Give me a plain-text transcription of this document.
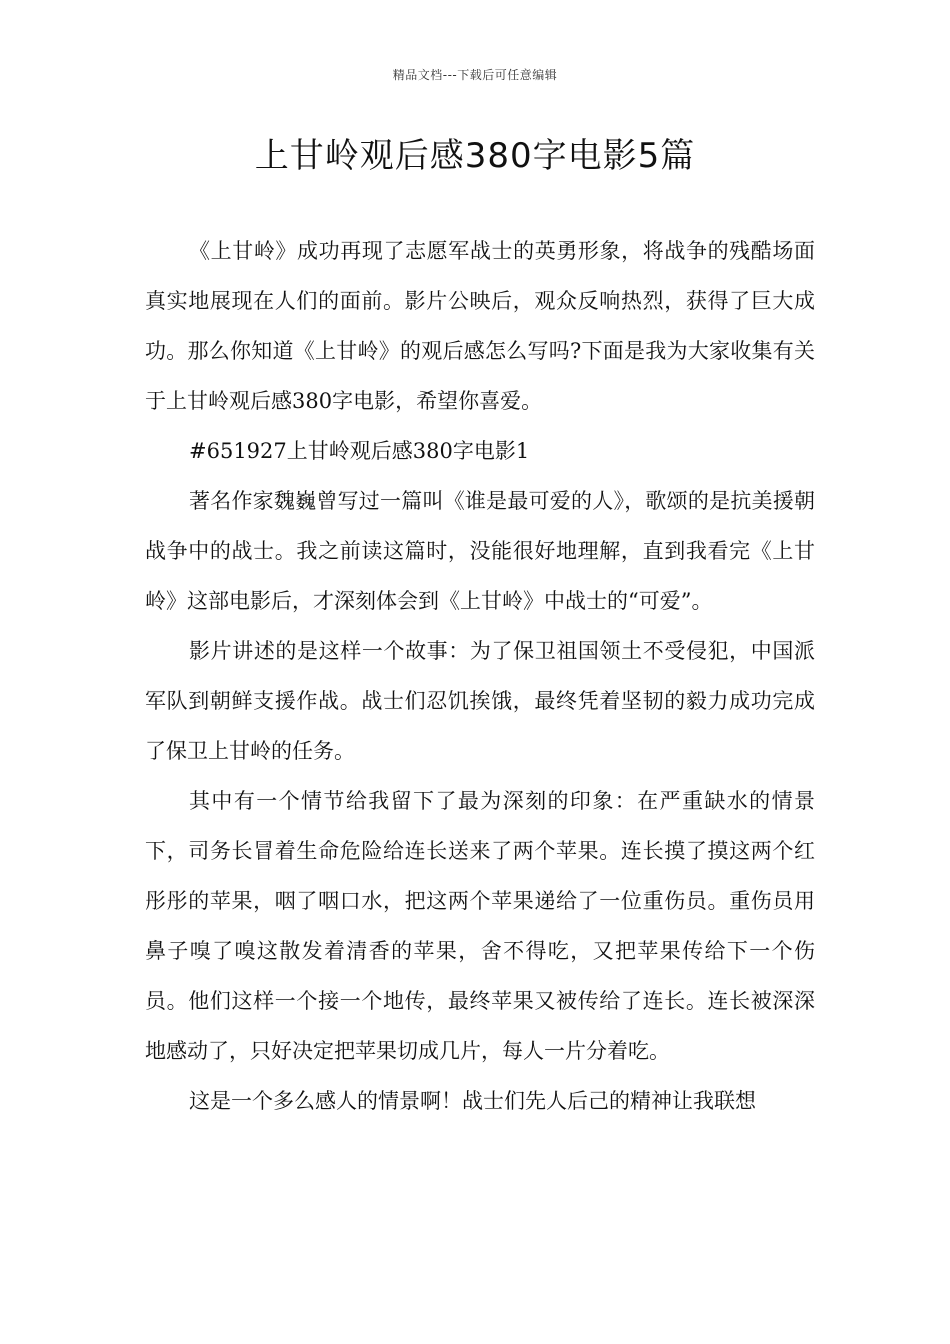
精品文档---下载后可任意编辑
上甘岭观后感380字电影5篇

《上甘岭》成功再现了志愿军战士的英勇形象，将战争的残酷场面真实地展现在人们的面前。影片公映后，观众反响热烈，获得了巨大成功。那么你知道《上甘岭》的观后感怎么写吗?下面是我为大家收集有关于上甘岭观后感380字电影，希望你喜爱。

#651927上甘岭观后感380字电影1

著名作家魏巍曾写过一篇叫《谁是最可爱的人》，歌颂的是抗美援朝战争中的战士。我之前读这篇时，没能很好地理解，直到我看完《上甘岭》这部电影后，才深刻体会到《上甘岭》中战士的“可爱”。

影片讲述的是这样一个故事：为了保卫祖国领土不受侵犯，中国派军队到朝鲜支援作战。战士们忍饥挨饿，最终凭着坚韧的毅力成功完成了保卫上甘岭的任务。

其中有一个情节给我留下了最为深刻的印象：在严重缺水的情景下，司务长冒着生命危险给连长送来了两个苹果。连长摸了摸这两个红彤彤的苹果，咽了咽口水，把这两个苹果递给了一位重伤员。重伤员用鼻子嗅了嗅这散发着清香的苹果，舍不得吃，又把苹果传给下一个伤员。他们这样一个接一个地传，最终苹果又被传给了连长。连长被深深地感动了，只好决定把苹果切成几片，每人一片分着吃。

这是一个多么感人的情景啊！战士们先人后己的精神让我联想
